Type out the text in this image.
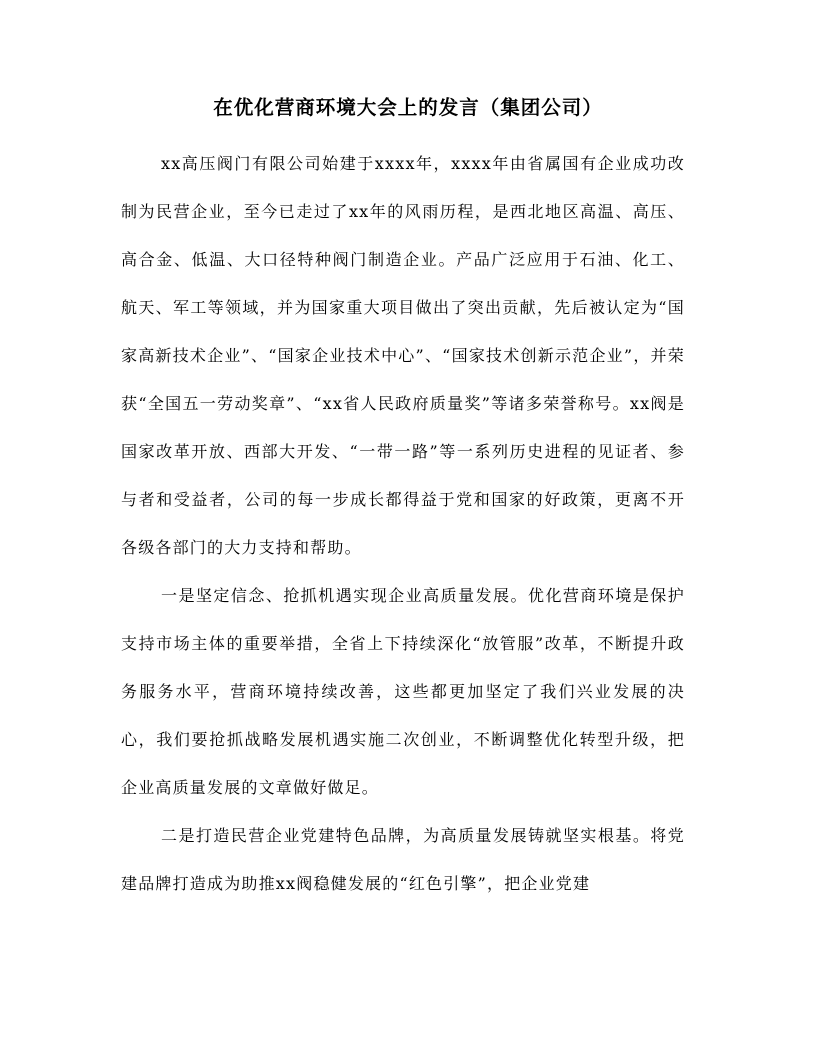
在优化营商环境大会上的发言（集团公司）

xx高压阀门有限公司始建于xxxx年，xxxx年由省属国有企业成功改制为民营企业，至今已走过了xx年的风雨历程，是西北地区高温、高压、高合金、低温、大口径特种阀门制造企业。产品广泛应用于石油、化工、航天、军工等领域，并为国家重大项目做出了突出贡献，先后被认定为“国家高新技术企业”、“国家企业技术中心”、“国家技术创新示范企业”，并荣获“全国五一劳动奖章”、“xx省人民政府质量奖”等诸多荣誉称号。xx阀是国家改革开放、西部大开发、“一带一路”等一系列历史进程的见证者、参与者和受益者，公司的每一步成长都得益于党和国家的好政策，更离不开各级各部门的大力支持和帮助。

一是坚定信念、抢抓机遇实现企业高质量发展。优化营商环境是保护支持市场主体的重要举措，全省上下持续深化“放管服”改革，不断提升政务服务水平，营商环境持续改善，这些都更加坚定了我们兴业发展的决心，我们要抢抓战略发展机遇实施二次创业，不断调整优化转型升级，把企业高质量发展的文章做好做足。

二是打造民营企业党建特色品牌，为高质量发展铸就坚实根基。将党建品牌打造成为助推xx阀稳健发展的“红色引擎”，把企业党建
